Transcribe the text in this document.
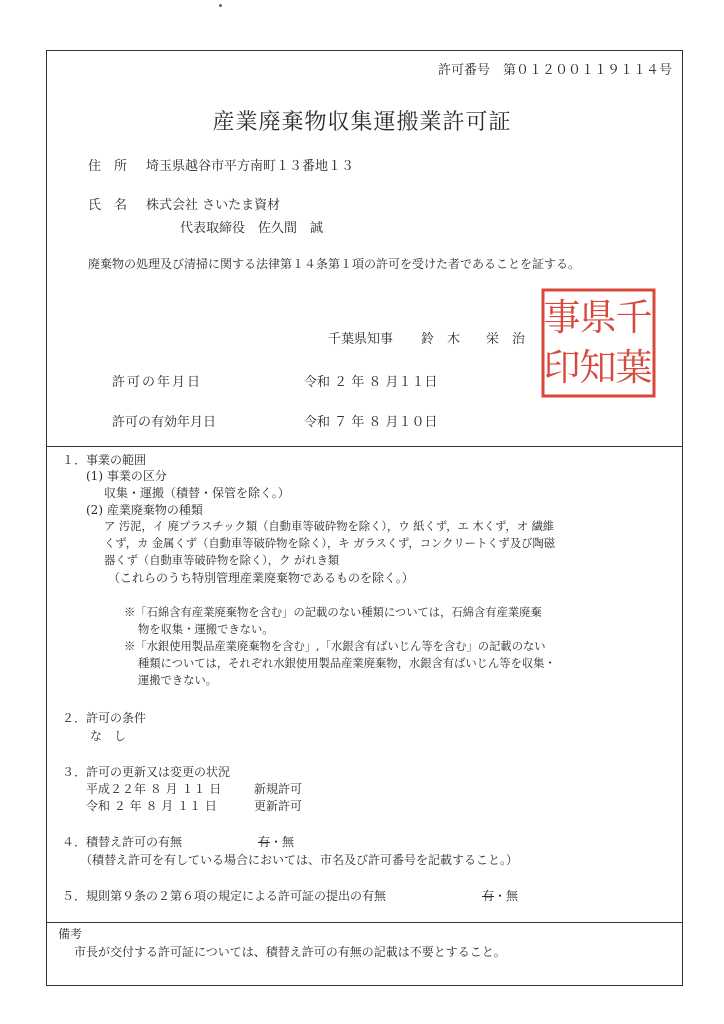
許可番号　第０１２００１１９１１４号
産業廃棄物収集運搬業許可証
住　所 埼玉県越谷市平方南町１３番地１３
氏　名 株式会社 さいたま資材
代表取締役　佐久間　誠
廃棄物の処理及び清掃に関する法律第１４条第１項の許可を受けた者であることを証する。
千葉県知事 鈴　木　　栄　治
千
葉
県
知
事
印
許可の年月日	令和 ２ 年 ８ 月１１日
許可の有効年月日	令和 ７ 年 ８ 月１０日
１．事業の範囲
(1) 事業の区分
収集・運搬（積替・保管を除く。）
(2) 産業廃棄物の種類
ア 汚泥，イ 廃プラスチック類（自動車等破砕物を除く），ウ 紙くず，エ 木くず，オ 繊維
くず，カ 金属くず（自動車等破砕物を除く），キ ガラスくず，コンクリートくず及び陶磁
器くず（自動車等破砕物を除く），ク がれき類
（これらのうち特別管理産業廃棄物であるものを除く。）
※「石綿含有産業廃棄物を含む」の記載のない種類については，石綿含有産業廃棄
物を収集・運搬できない。
※「水銀使用製品産業廃棄物を含む」,「水銀含有ばいじん等を含む」の記載のない
種類については，それぞれ水銀使用製品産業廃棄物，水銀含有ばいじん等を収集・
運搬できない。
２．許可の条件
な　し
３．許可の更新又は変更の状況
平成２２年 ８ 月 １１ 日	新規許可
令和 ２ 年 ８ 月 １１ 日	更新許可
４．積替え許可の有無	有・無
（積替え許可を有している場合においては、市名及び許可番号を記載すること。）
５．規則第９条の２第６項の規定による許可証の提出の有無	有・無
備考
市長が交付する許可証については、積替え許可の有無の記載は不要とすること。
